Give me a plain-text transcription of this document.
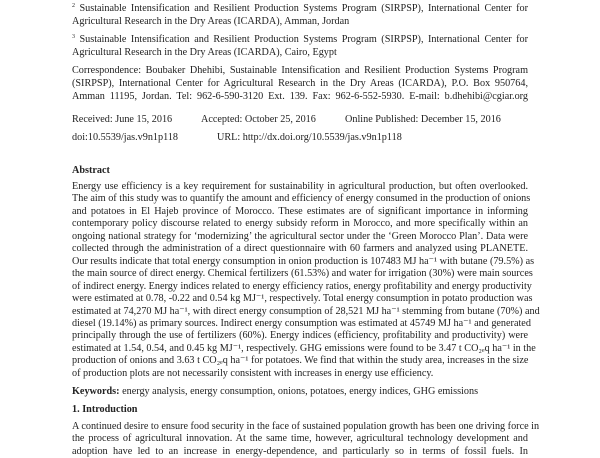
$^2$ Sustainable Intensification and Resilient Production Systems Program (SIRPSP), International Center for
Agricultural Research in the Dry Areas (ICARDA), Amman, Jordan
$^3$ Sustainable Intensification and Resilient Production Systems Program (SIRPSP), International Center for
Agricultural Research in the Dry Areas (ICARDA), Cairo, Egypt
Correspondence: Boubaker Dhehibi, Sustainable Intensification and Resilient Production Systems Program
(SIRPSP), International Center for Agricultural Research in the Dry Areas (ICARDA), P.O. Box 950764,
Amman 11195, Jordan. Tel: 962-6-590-3120 Ext. 139. Fax: 962-6-552-5930. E-mail: b.dhehibi@cgiar.org
Received: June 15, 2016	Accepted: October 25, 2016	Online Published: December 15, 2016
doi:10.5539/jas.v9n1p118	URL: http://dx.doi.org/10.5539/jas.v9n1p118
Abstract
Energy use efficiency is a key requirement for sustainability in agricultural production, but often overlooked.
The aim of this study was to quantify the amount and efficiency of energy consumed in the production of onions
and potatoes in El Hajeb province of Morocco. These estimates are of significant importance in informing
contemporary policy discourse related to energy subsidy reform in Morocco, and more specifically within an
ongoing national strategy for ‘modernizing’ the agricultural sector under the ‘Green Morocco Plan’. Data were
collected through the administration of a direct questionnaire with 60 farmers and analyzed using PLANETE.
Our results indicate that total energy consumption in onion production is 107483 MJ ha⁻¹ with butane (79.5%) as
the main source of direct energy. Chemical fertilizers (61.53%) and water for irrigation (30%) were main sources
of indirect energy. Energy indices related to energy efficiency ratios, energy profitability and energy productivity
were estimated at 0.78, -0.22 and 0.54 kg MJ⁻¹, respectively. Total energy consumption in potato production was
estimated at 74,270 MJ ha⁻¹, with direct energy consumption of 28,521 MJ ha⁻¹ stemming from butane (70%) and
diesel (19.14%) as primary sources. Indirect energy consumption was estimated at 45749 MJ ha⁻¹ and generated
principally through the use of fertilizers (60%). Energy indices (efficiency, profitability and productivity) were
estimated at 1.54, 0.54, and 0.45 kg MJ⁻¹, respectively. GHG emissions were found to be 3.47 t CO₂ₑq ha⁻¹ in the
production of onions and 3.63 t CO₂ₑq ha⁻¹ for potatoes. We find that within the study area, increases in the size
of production plots are not necessarily consistent with increases in energy use efficiency.
Keywords: energy analysis, energy consumption, onions, potatoes, energy indices, GHG emissions
1. Introduction
A continued desire to ensure food security in the face of sustained population growth has been one driving force in
the process of agricultural innovation. At the same time, however, agricultural technology development and
adoption have led to an increase in energy-dependence, and particularly so in terms of fossil fuels. In
